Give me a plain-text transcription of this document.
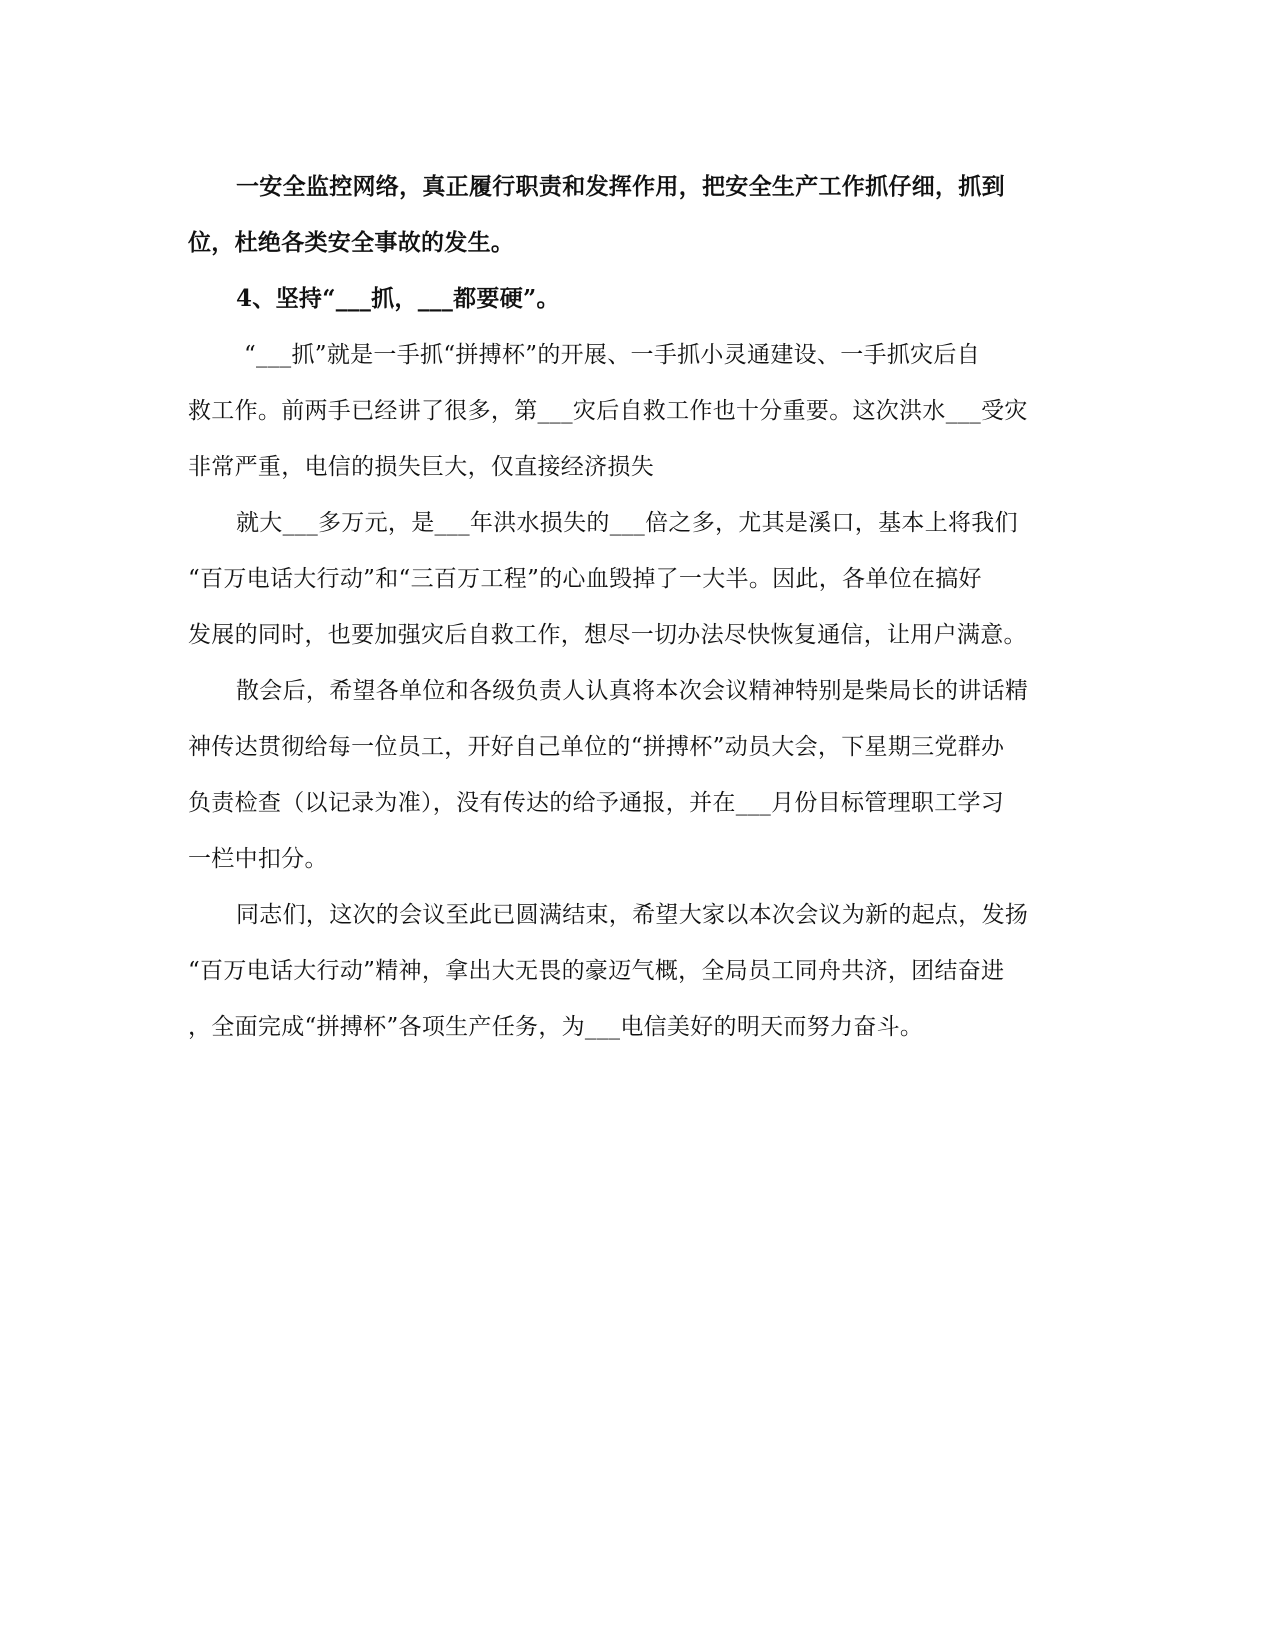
一安全监控网络，真正履行职责和发挥作用，把安全生产工作抓仔细，抓到
位，杜绝各类安全事故的发生。
4、坚持“___抓，___都要硬”。
“___抓”就是一手抓“拼搏杯”的开展、一手抓小灵通建设、一手抓灾后自
救工作。前两手已经讲了很多，第___灾后自救工作也十分重要。这次洪水___受灾
非常严重，电信的损失巨大，仅直接经济损失
就大___多万元，是___年洪水损失的___倍之多，尤其是溪口，基本上将我们
“百万电话大行动”和“三百万工程”的心血毁掉了一大半。因此，各单位在搞好
发展的同时，也要加强灾后自救工作，想尽一切办法尽快恢复通信，让用户满意。
散会后，希望各单位和各级负责人认真将本次会议精神特别是柴局长的讲话精
神传达贯彻给每一位员工，开好自己单位的“拼搏杯”动员大会，下星期三党群办
负责检查（以记录为准），没有传达的给予通报，并在___月份目标管理职工学习
一栏中扣分。
同志们，这次的会议至此已圆满结束，希望大家以本次会议为新的起点，发扬
“百万电话大行动”精神，拿出大无畏的豪迈气概，全局员工同舟共济，团结奋进
，全面完成“拼搏杯”各项生产任务，为___电信美好的明天而努力奋斗。
